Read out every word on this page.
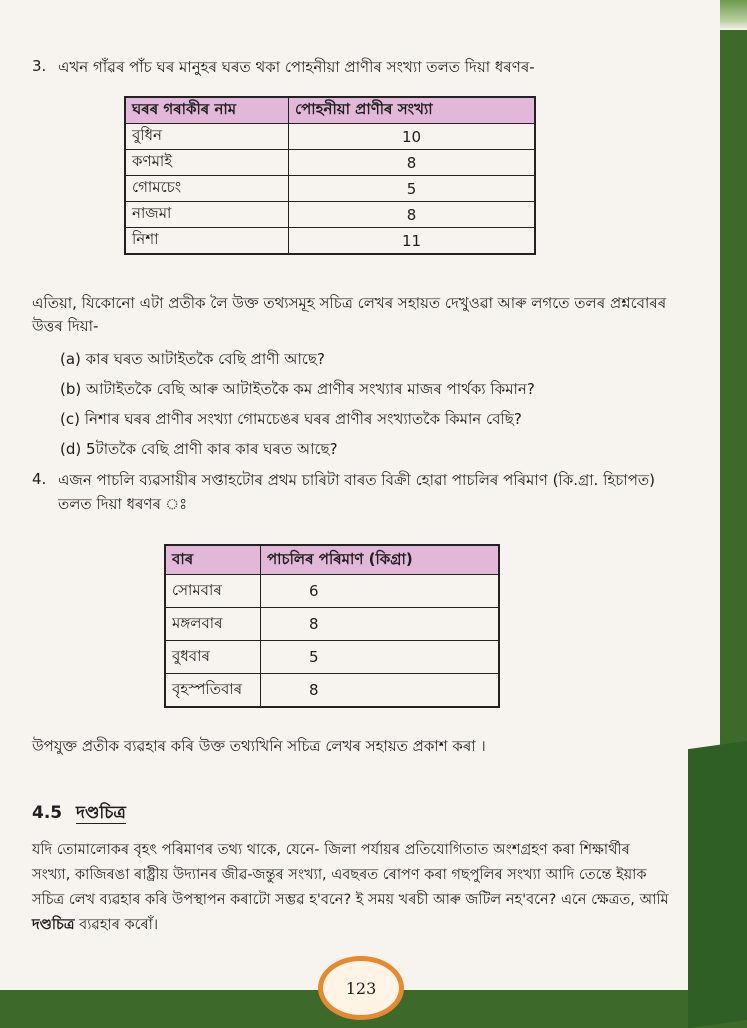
3. এখন গাঁৱৰ পাঁচ ঘৰ মানুহৰ ঘৰত থকা পোহনীয়া প্ৰাণীৰ সংখ্যা তলত দিয়া ধৰণৰ-
ঘৰৰ গৰাকীৰ নাম	পোহনীয়া প্ৰাণীৰ সংখ্যা
বুধিন	10
কণমাই	8
গোমচেং	5
নাজমা	8
নিশা	11
এতিয়া, যিকোনো এটা প্ৰতীক লৈ উক্ত তথ্যসমূহ সচিত্ৰ লেখৰ সহায়ত দেখুওৱা আৰু লগতে তলৰ প্ৰশ্নবোৰৰ উত্তৰ দিয়া-
(a) কাৰ ঘৰত আটাইতকৈ বেছি প্ৰাণী আছে?
(b) আটাইতকৈ বেছি আৰু আটাইতকৈ কম প্ৰাণীৰ সংখ্যাৰ মাজৰ পাৰ্থক্য কিমান?
(c) নিশাৰ ঘৰৰ প্ৰাণীৰ সংখ্যা গোমচেঙৰ ঘৰৰ প্ৰাণীৰ সংখ্যাতকৈ কিমান বেছি?
(d) 5টাতকৈ বেছি প্ৰাণী কাৰ কাৰ ঘৰত আছে?
4. এজন পাচলি ব্যৱসায়ীৰ সপ্তাহটোৰ প্ৰথম চাৰিটা বাৰত বিক্ৰী হোৱা পাচলিৰ পৰিমাণ (কি.গ্ৰা. হিচাপত) তলত দিয়া ধৰণৰ ঃ
বাৰ	পাচলিৰ পৰিমাণ (কিগ্ৰা)
সোমবাৰ	6
মঙ্গলবাৰ	8
বুধবাৰ	5
বৃহস্পতিবাৰ	8
উপযুক্ত প্ৰতীক ব্যৱহাৰ কৰি উক্ত তথ্যখিনি সচিত্ৰ লেখৰ সহায়ত প্ৰকাশ কৰা ।
4.5 দণ্ডচিত্ৰ
যদি তোমালোকৰ বৃহৎ পৰিমাণৰ তথ্য থাকে, যেনে- জিলা পৰ্যায়ৰ প্ৰতিযোগিতাত অংশগ্ৰহণ কৰা শিক্ষাৰ্থীৰ সংখ্যা, কাজিৰঙা ৰাষ্ট্ৰীয় উদ্যানৰ জীৱ-জন্তুৰ সংখ্যা, এবছৰত ৰোপণ কৰা গছপুলিৰ সংখ্যা আদি তেন্তে ইয়াক সচিত্ৰ লেখ ব্যৱহাৰ কৰি উপস্থাপন কৰাটো সম্ভৱ হ'বনে? ই সময় খৰচী আৰু জটিল নহ'বনে? এনে ক্ষেত্ৰত, আমি দণ্ডচিত্ৰ ব্যৱহাৰ কৰোঁ।
123
